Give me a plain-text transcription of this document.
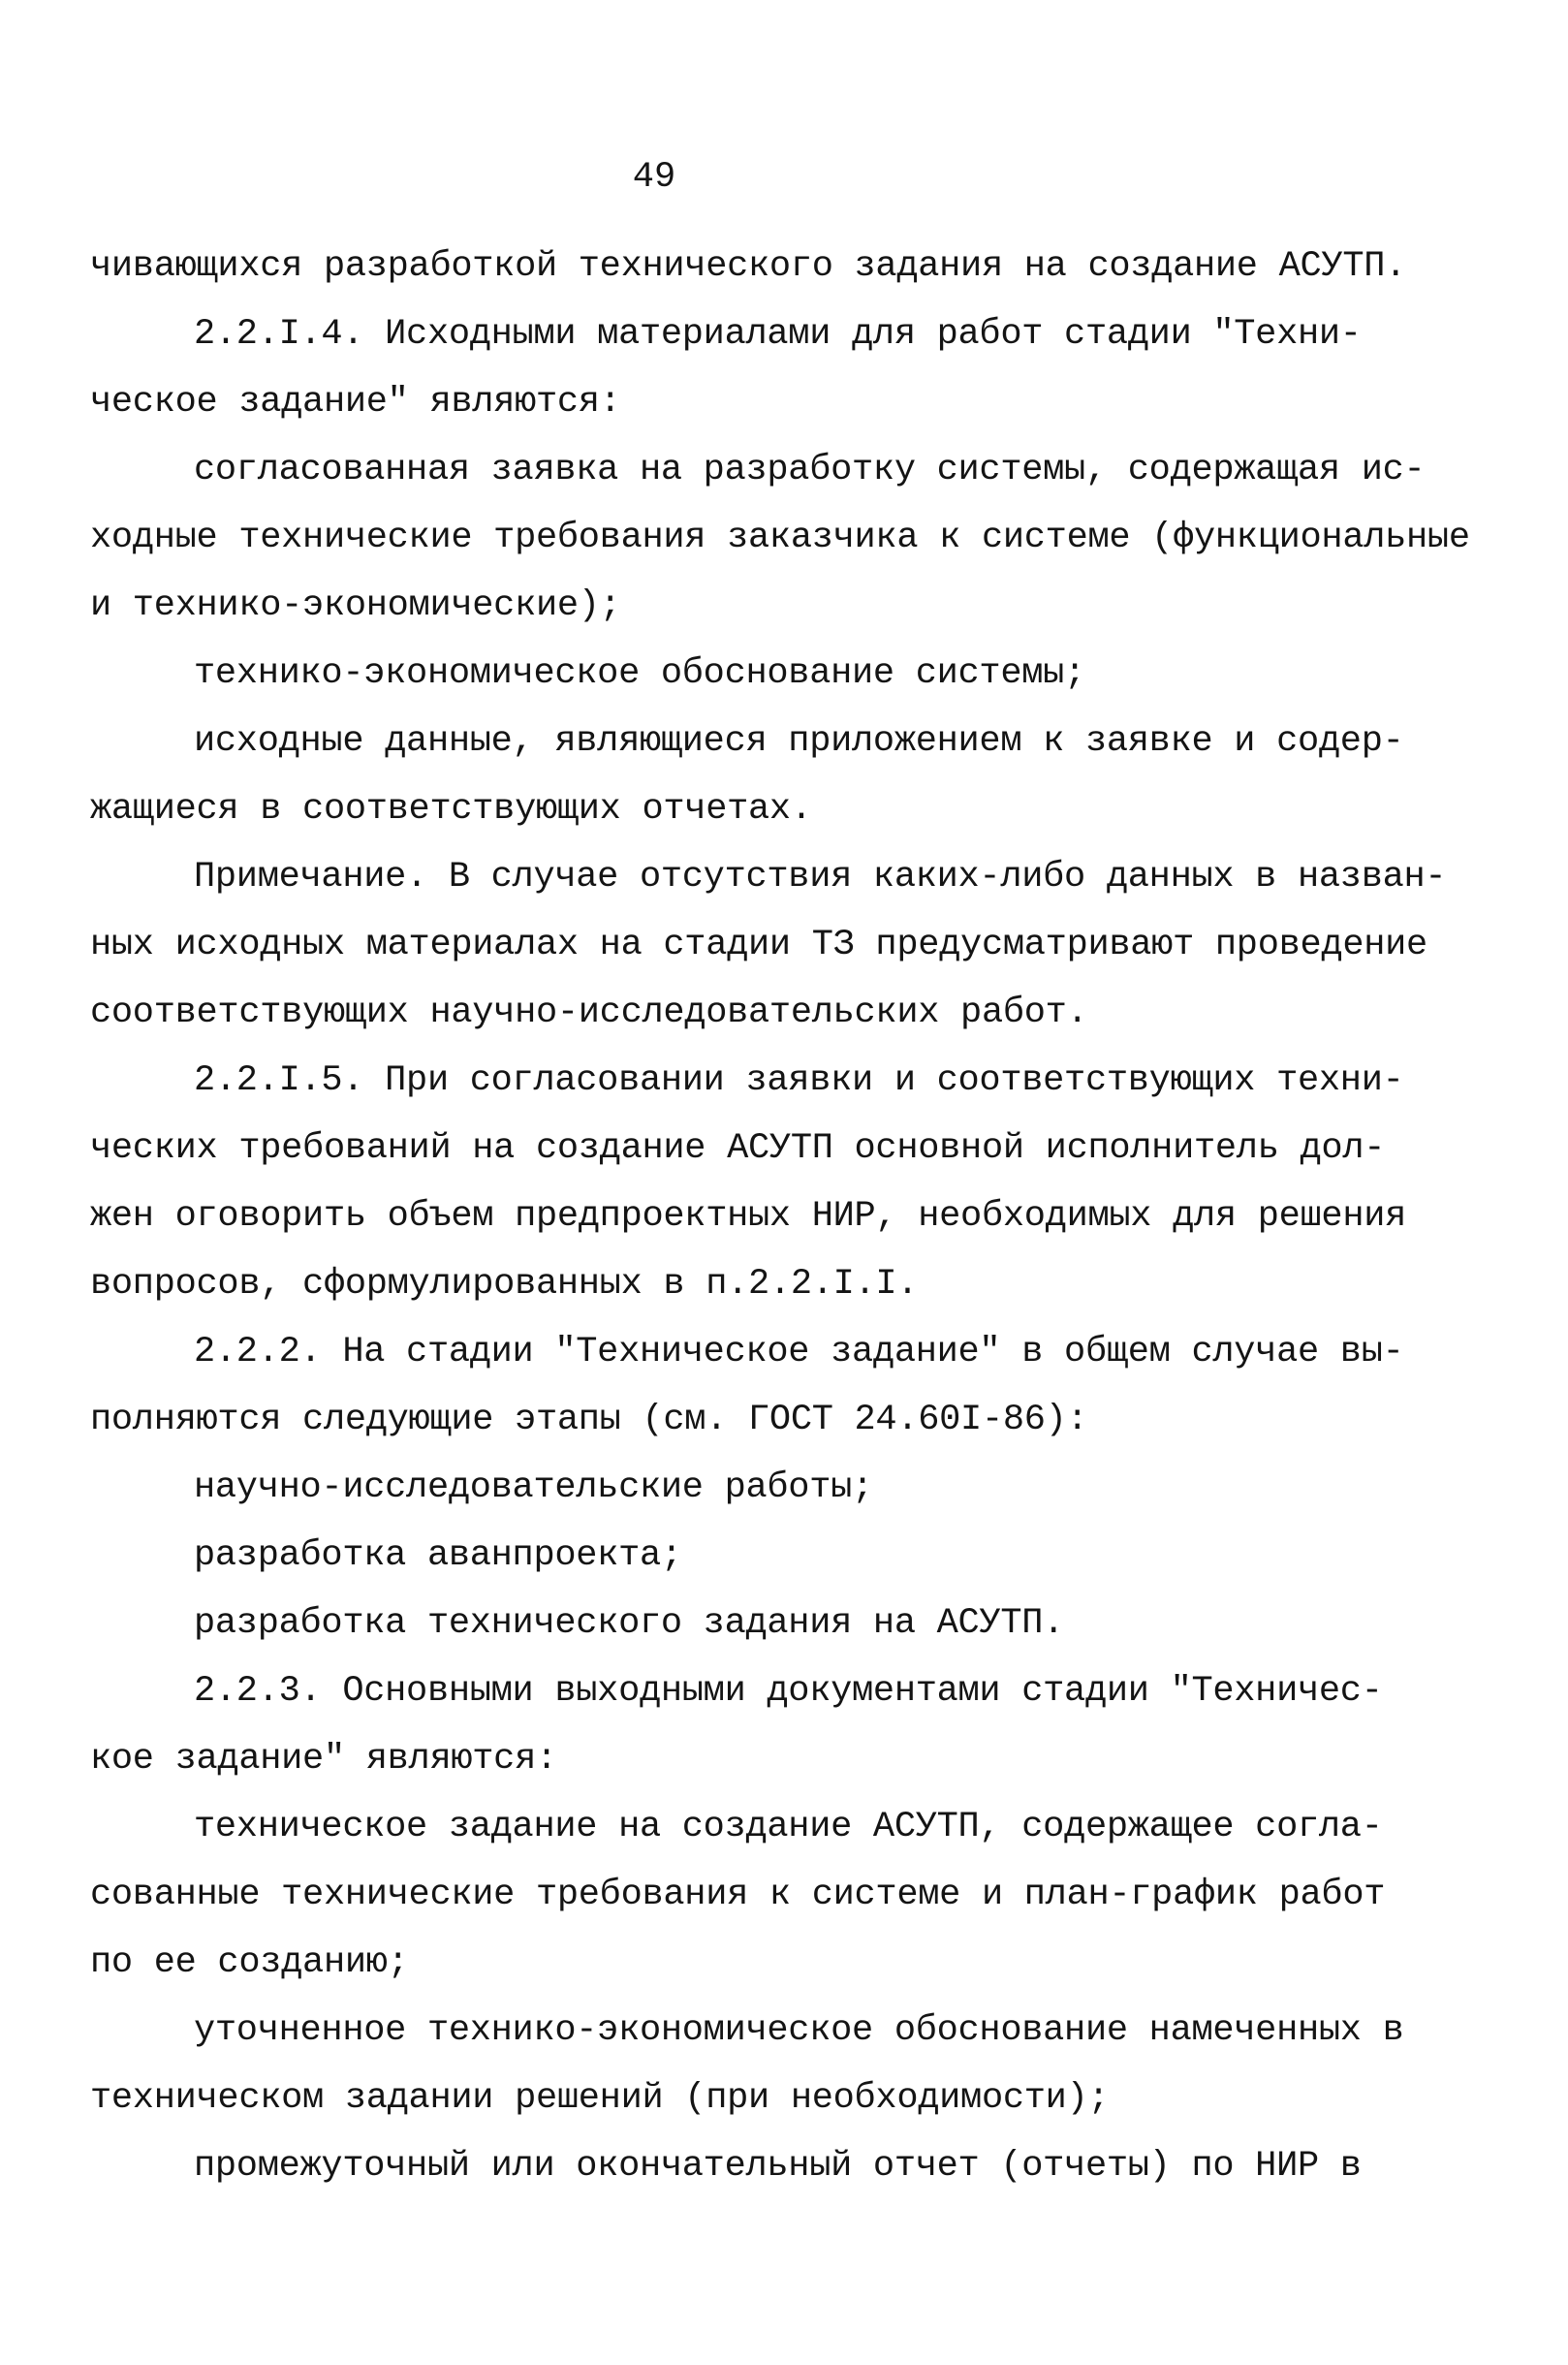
49
чивающихся разработкой технического задания на создание АСУТП.
2.2.I.4. Исходными материалами для работ стадии "Техни-
ческое задание" являются:
согласованная заявка на разработку системы, содержащая ис-
ходные технические требования заказчика к системе (функциональные
и технико-экономические);
технико-экономическое обоснование системы;
исходные данные, являющиеся приложением к заявке и содер-
жащиеся в соответствующих отчетах.
Примечание. В случае отсутствия каких-либо данных в назван-
ных исходных материалах на стадии ТЗ предусматривают проведение
соответствующих научно-исследовательских работ.
2.2.I.5. При согласовании заявки и соответствующих техни-
ческих требований на создание АСУТП основной исполнитель дол-
жен оговорить объем предпроектных НИР, необходимых для решения
вопросов, сформулированных в п.2.2.I.I.
2.2.2. На стадии "Техническое задание" в общем случае вы-
полняются следующие этапы (см. ГОСТ 24.60I-86):
научно-исследовательские работы;
разработка аванпроекта;
разработка технического задания на АСУТП.
2.2.3. Основными выходными документами стадии "Техничес-
кое задание" являются:
техническое задание на создание АСУТП, содержащее согла-
сованные технические требования к системе и план-график работ
по ее созданию;
уточненное технико-экономическое обоснование намеченных в
техническом задании решений (при необходимости);
промежуточный или окончательный отчет (отчеты) по НИР в
